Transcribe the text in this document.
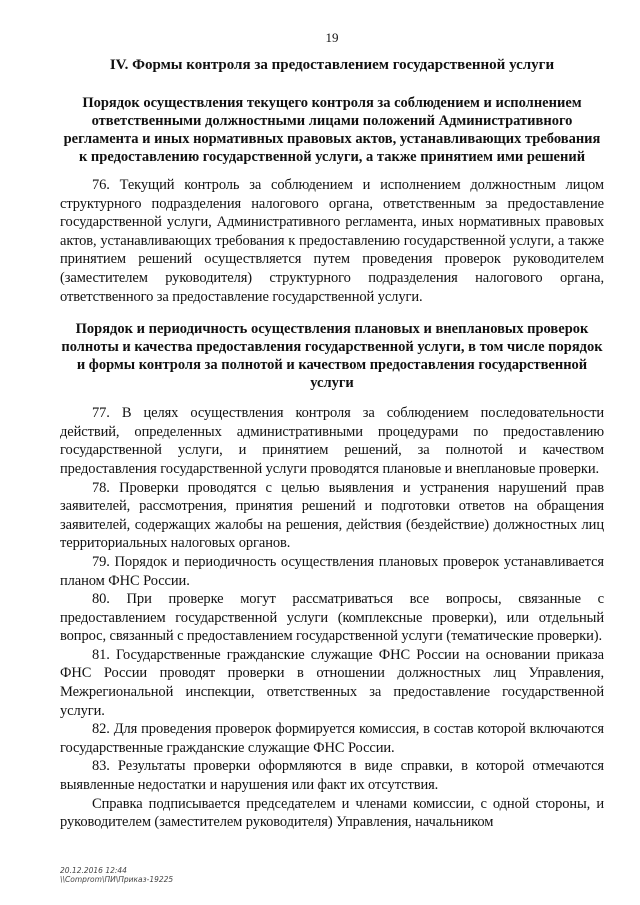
19
IV. Формы контроля за предоставлением государственной услуги
Порядок осуществления текущего контроля за соблюдением и исполнением ответственными должностными лицами положений Административного регламента и иных нормативных правовых актов, устанавливающих требования к предоставлению государственной услуги, а также принятием ими решений

76. Текущий контроль за соблюдением и исполнением должностным лицом структурного подразделения налогового органа, ответственным за предоставление государственной услуги, Административного регламента, иных нормативных правовых актов, устанавливающих требования к предоставлению государственной услуги, а также принятием решений осуществляется путем проведения проверок руководителем (заместителем руководителя) структурного подразделения налогового органа, ответственного за предоставление государственной услуги.

Порядок и периодичность осуществления плановых и внеплановых проверок полноты и качества предоставления государственной услуги, в том числе порядок и формы контроля за полнотой и качеством предоставления государственной услуги

77. В целях осуществления контроля за соблюдением последовательности действий, определенных административными процедурами по предоставлению государственной услуги, и принятием решений, за полнотой и качеством предоставления государственной услуги проводятся плановые и внеплановые проверки.

78. Проверки проводятся с целью выявления и устранения нарушений прав заявителей, рассмотрения, принятия решений и подготовки ответов на обращения заявителей, содержащих жалобы на решения, действия (бездействие) должностных лиц территориальных налоговых органов.

79. Порядок и периодичность осуществления плановых проверок устанавливается планом ФНС России.

80. При проверке могут рассматриваться все вопросы, связанные с предоставлением государственной услуги (комплексные проверки), или отдельный вопрос, связанный с предоставлением государственной услуги (тематические проверки).

81. Государственные гражданские служащие ФНС России на основании приказа ФНС России проводят проверки в отношении должностных лиц Управления, Межрегиональной инспекции, ответственных за предоставление государственной услуги.

82. Для проведения проверок формируется комиссия, в состав которой включаются государственные гражданские служащие ФНС России.

83. Результаты проверки оформляются в виде справки, в которой отмечаются выявленные недостатки и нарушения или факт их отсутствия.

Справка подписывается председателем и членами комиссии, с одной стороны, и руководителем (заместителем руководителя) Управления, начальником

20.12.2016 12:44
\\Comprom\ПИ\Приказ-19225
